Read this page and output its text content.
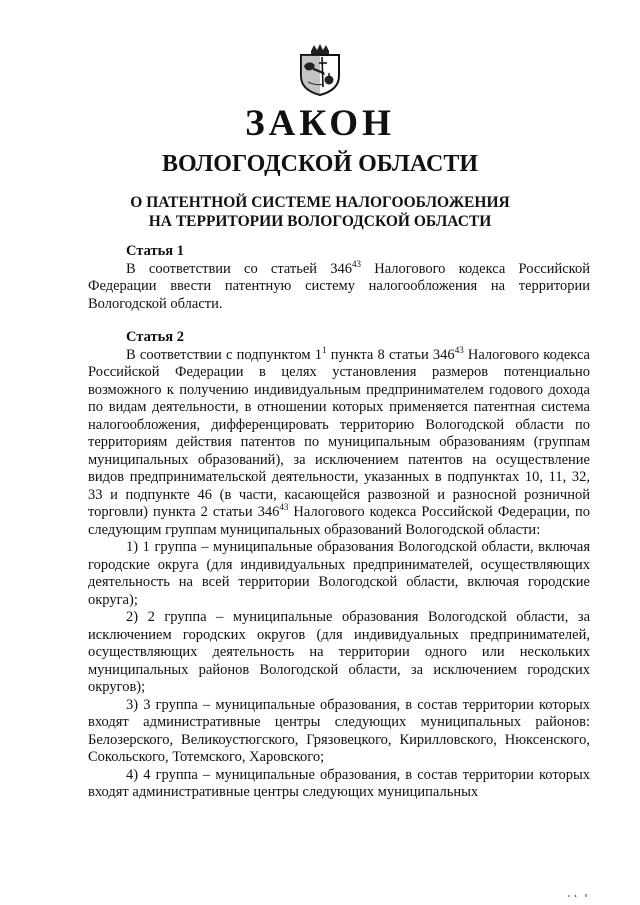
ЗАКОН
ВОЛОГОДСКОЙ ОБЛАСТИ
О ПАТЕНТНОЙ СИСТЕМЕ НАЛОГООБЛОЖЕНИЯ
НА ТЕРРИТОРИИ ВОЛОГОДСКОЙ ОБЛАСТИ
Статья 1

В соответствии со статьей $346^{43}$ Налогового кодекса Российской Федерации ввести патентную систему налогообложения на территории Вологодской области.

Статья 2

В соответствии с подпунктом $1^1$ пункта 8 статьи $346^{43}$ Налогового кодекса Российской Федерации в целях установления размеров потенциально возможного к получению индивидуальным предпринимателем годового дохода по видам деятельности, в отношении которых применяется патентная система налогообложения, дифференцировать территорию Вологодской области по территориям действия патентов по муниципальным образованиям (группам муниципальных образований), за исключением патентов на осуществление видов предпринимательской деятельности, указанных в подпунктах 10, 11, 32, 33 и подпункте 46 (в части, касающейся развозной и разносной розничной торговли) пункта 2 статьи $346^{43}$ Налогового кодекса Российской Федерации, по следующим группам муниципальных образований Вологодской области:

1) 1 группа – муниципальные образования Вологодской области, включая городские округа (для индивидуальных предпринимателей, осуществляющих деятельность на всей территории Вологодской области, включая городские округа);

2) 2 группа – муниципальные образования Вологодской области, за исключением городских округов (для индивидуальных предпринимателей, осуществляющих деятельность на территории одного или нескольких муниципальных районов Вологодской области, за исключением городских округов);

3) 3 группа – муниципальные образования, в состав территории которых входят административные центры следующих муниципальных районов: Белозерского, Великоустюгского, Грязовецкого, Кирилловского, Нюксенского, Сокольского, Тотемского, Харовского;

4) 4 группа – муниципальные образования, в состав территории которых входят административные центры следующих муниципальных
